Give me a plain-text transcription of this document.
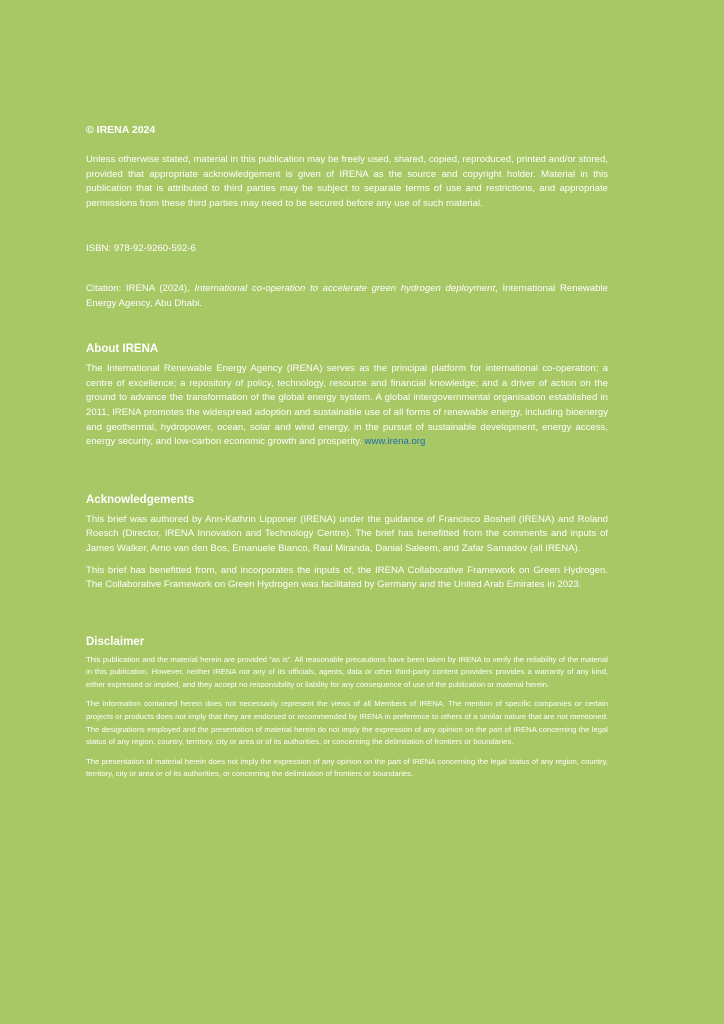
© IRENA 2024

Unless otherwise stated, material in this publication may be freely used, shared, copied, reproduced, printed and/or stored, provided that appropriate acknowledgement is given of IRENA as the source and copyright holder. Material in this publication that is attributed to third parties may be subject to separate terms of use and restrictions, and appropriate permissions from these third parties may need to be secured before any use of such material.

ISBN: 978-92-9260-592-6

Citation: IRENA (2024), International co-operation to accelerate green hydrogen deployment, International Renewable Energy Agency, Abu Dhabi.

About IRENA

The International Renewable Energy Agency (IRENA) serves as the principal platform for international co-operation; a centre of excellence; a repository of policy, technology, resource and financial knowledge; and a driver of action on the ground to advance the transformation of the global energy system. A global intergovernmental organisation established in 2011, IRENA promotes the widespread adoption and sustainable use of all forms of renewable energy, including bioenergy and geothermal, hydropower, ocean, solar and wind energy, in the pursuit of sustainable development, energy access, energy security, and low-carbon economic growth and prosperity. www.irena.org

Acknowledgements

This brief was authored by Ann-Kathrin Lipponer (IRENA) under the guidance of Francisco Boshell (IRENA) and Roland Roesch (Director, IRENA Innovation and Technology Centre). The brief has benefitted from the comments and inputs of James Walker, Arno van den Bos, Emanuele Bianco, Raul Miranda, Danial Saleem, and Zafar Samadov (all IRENA).

This brief has benefitted from, and incorporates the inputs of, the IRENA Collaborative Framework on Green Hydrogen. The Collaborative Framework on Green Hydrogen was facilitated by Germany and the United Arab Emirates in 2023.

Disclaimer

This publication and the material herein are provided “as is”. All reasonable precautions have been taken by IRENA to verify the reliability of the material in this publication. However, neither IRENA nor any of its officials, agents, data or other third-party content providers provides a warranty of any kind, either expressed or implied, and they accept no responsibility or liability for any consequence of use of the publication or material herein.

The information contained herein does not necessarily represent the views of all Members of IRENA. The mention of specific companies or certain projects or products does not imply that they are endorsed or recommended by IRENA in preference to others of a similar nature that are not mentioned. The designations employed and the presentation of material herein do not imply the expression of any opinion on the part of IRENA concerning the legal status of any region, country, territory, city or area or of its authorities, or concerning the delimitation of frontiers or boundaries.

The presentation of material herein does not imply the expression of any opinion on the part of IRENA concerning the legal status of any region, country, territory, city or area or of its authorities, or concerning the delimitation of frontiers or boundaries.
